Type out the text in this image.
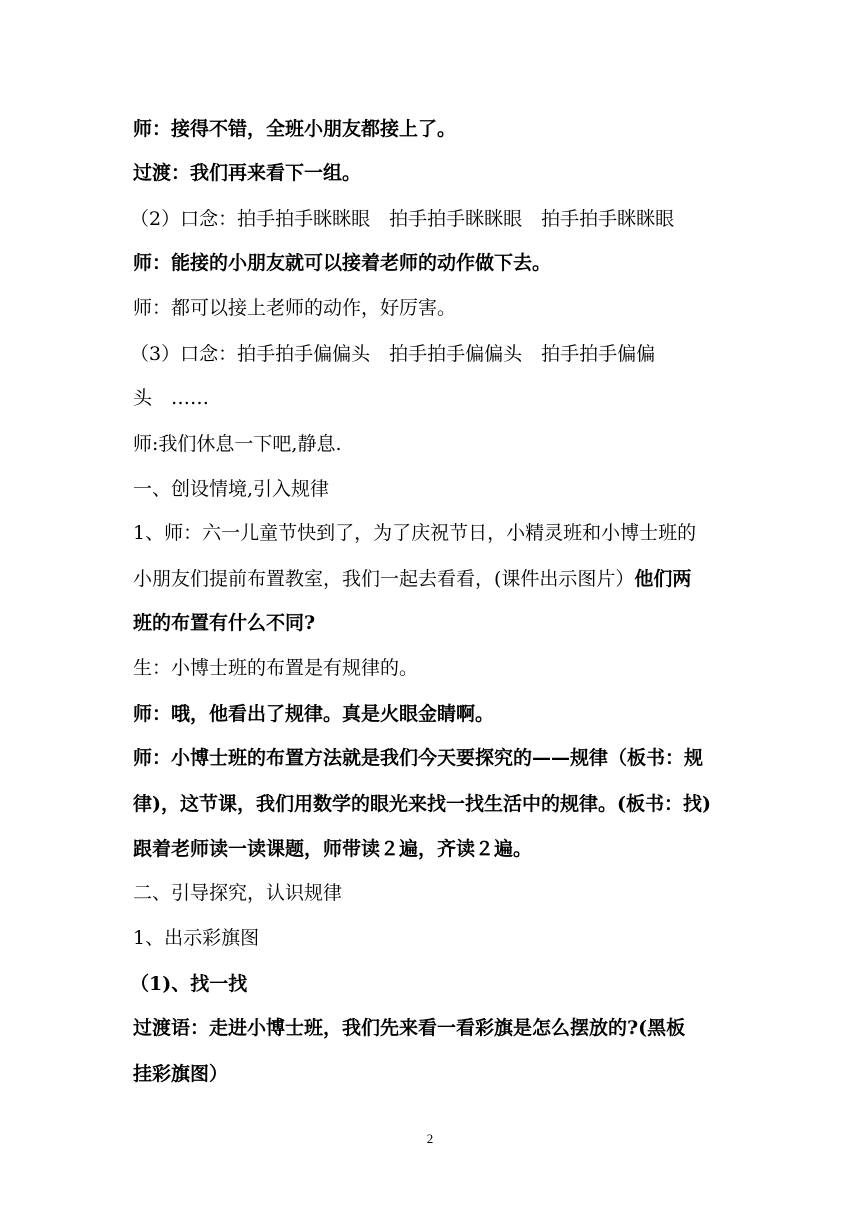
师：接得不错，全班小朋友都接上了。
过渡：我们再来看下一组。
（2）口念：拍手拍手眯眯眼　拍手拍手眯眯眼　拍手拍手眯眯眼
师：能接的小朋友就可以接着老师的动作做下去。
师：都可以接上老师的动作，好厉害。
（3）口念：拍手拍手偏偏头　拍手拍手偏偏头　拍手拍手偏偏
头　……
师:我们休息一下吧,静息.
一、创设情境,引入规律
1、师：六一儿童节快到了，为了庆祝节日，小精灵班和小博士班的
小朋友们提前布置教室，我们一起去看看，(课件出示图片）他们两
班的布置有什么不同?
生：小博士班的布置是有规律的。
师：哦，他看出了规律。真是火眼金睛啊。
师：小博士班的布置方法就是我们今天要探究的——规律（板书：规
律)，这节课，我们用数学的眼光来找一找生活中的规律。(板书：找)
跟着老师读一读课题，师带读２遍，齐读２遍。
二、引导探究，认识规律
1、出示彩旗图
（1)、找一找
过渡语：走进小博士班，我们先来看一看彩旗是怎么摆放的?(黑板
挂彩旗图）
2
